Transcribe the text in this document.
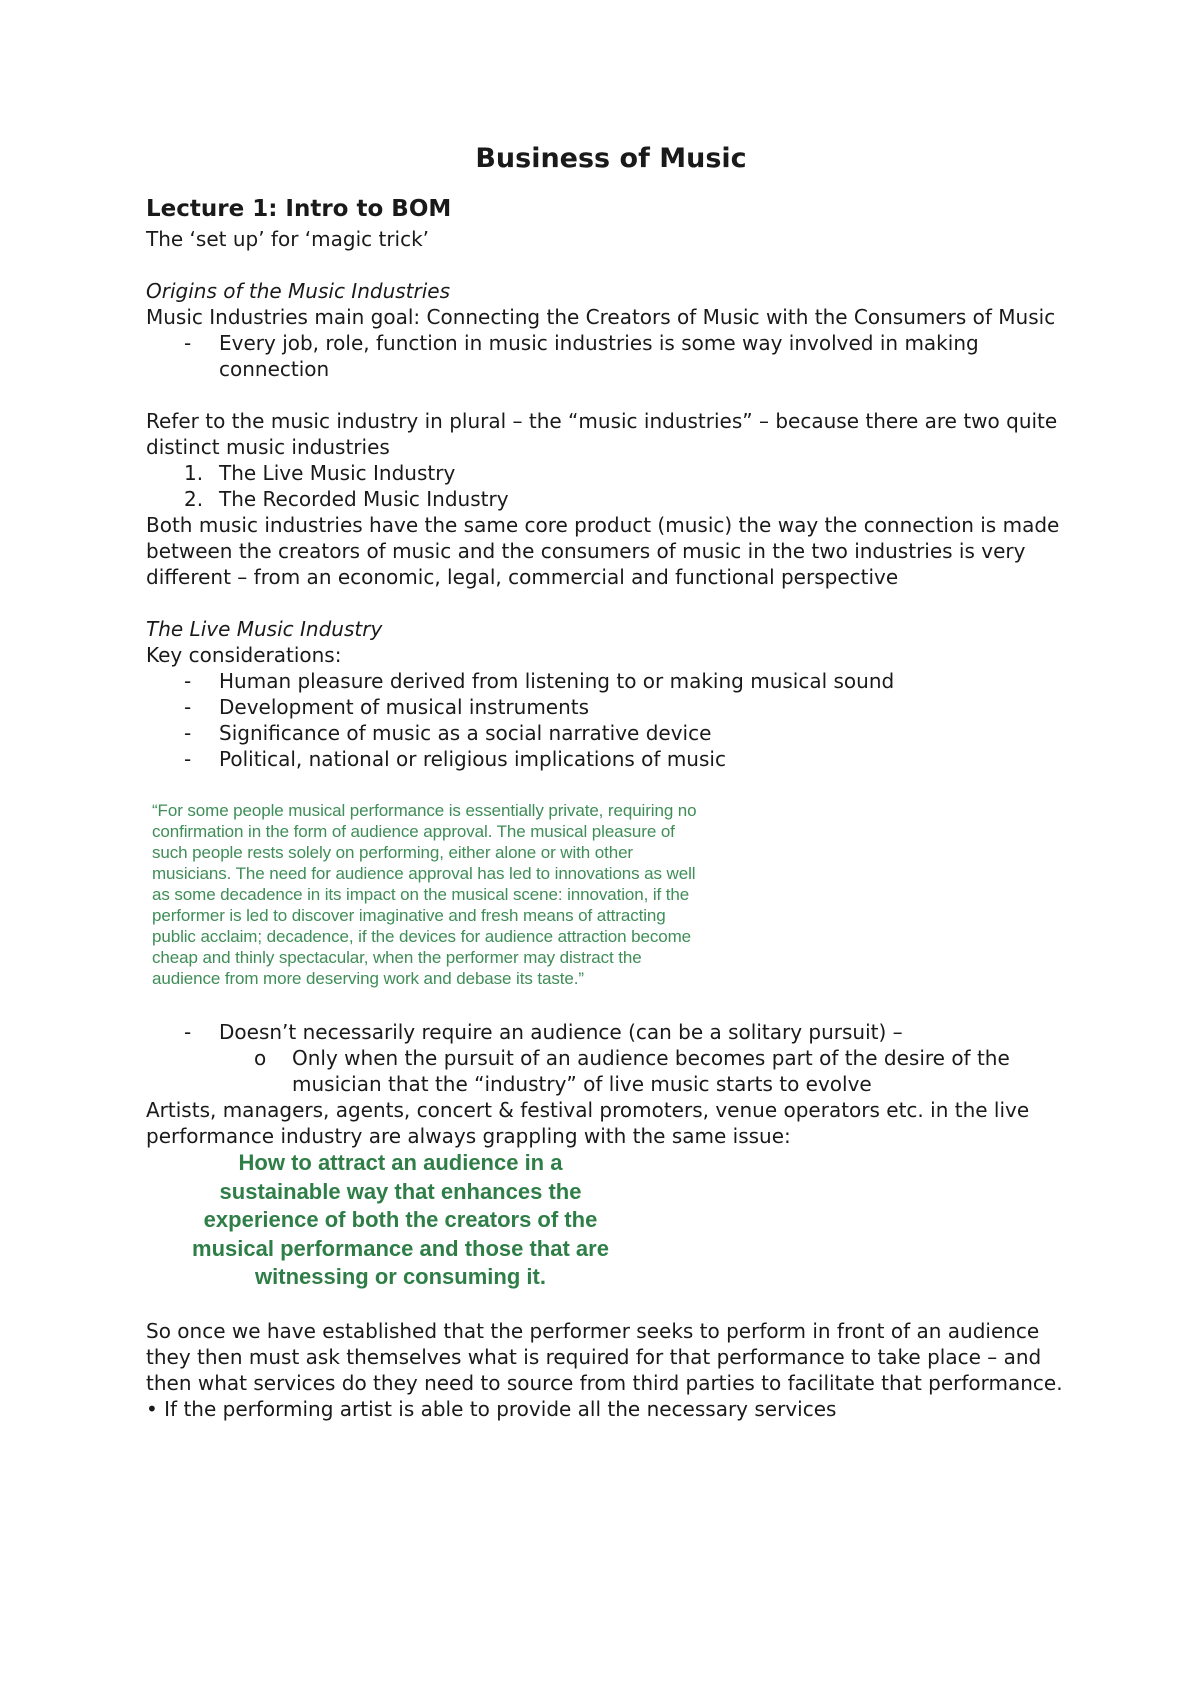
Business of Music
Lecture 1: Intro to BOM

The ‘set up’ for ‘magic trick’

Origins of the Music Industries

Music Industries main goal: Connecting the Creators of Music with the Consumers of Music

- Every job, role, function in music industries is some way involved in making connection

Refer to the music industry in plural – the “music industries” – because there are two quite distinct music industries

1. The Live Music Industry
2. The Recorded Music Industry

Both music industries have the same core product (music) the way the connection is made between the creators of music and the consumers of music in the two industries is very different – from an economic, legal, commercial and functional perspective

The Live Music Industry

Key considerations:

- Human pleasure derived from listening to or making musical sound
- Development of musical instruments
- Significance of music as a social narrative device
- Political, national or religious implications of music
“For some people musical performance is essentially private, requiring no confirmation in the form of audience approval. The musical pleasure of such people rests solely on performing, either alone or with other musicians. The need for audience approval has led to innovations as well as some decadence in its impact on the musical scene: innovation, if the performer is led to discover imaginative and fresh means of attracting public acclaim; decadence, if the devices for audience attraction become cheap and thinly spectacular, when the performer may distract the audience from more deserving work and debase its taste.”
- Doesn’t necessarily require an audience (can be a solitary pursuit) –
o Only when the pursuit of an audience becomes part of the desire of the musician that the “industry” of live music starts to evolve

Artists, managers, agents, concert & festival promoters, venue operators etc. in the live performance industry are always grappling with the same issue:

How to attract an audience in a sustainable way that enhances the experience of both the creators of the musical performance and those that are witnessing or consuming it.

So once we have established that the performer seeks to perform in front of an audience they then must ask themselves what is required for that performance to take place – and then what services do they need to source from third parties to facilitate that performance.

• If the performing artist is able to provide all the necessary services
